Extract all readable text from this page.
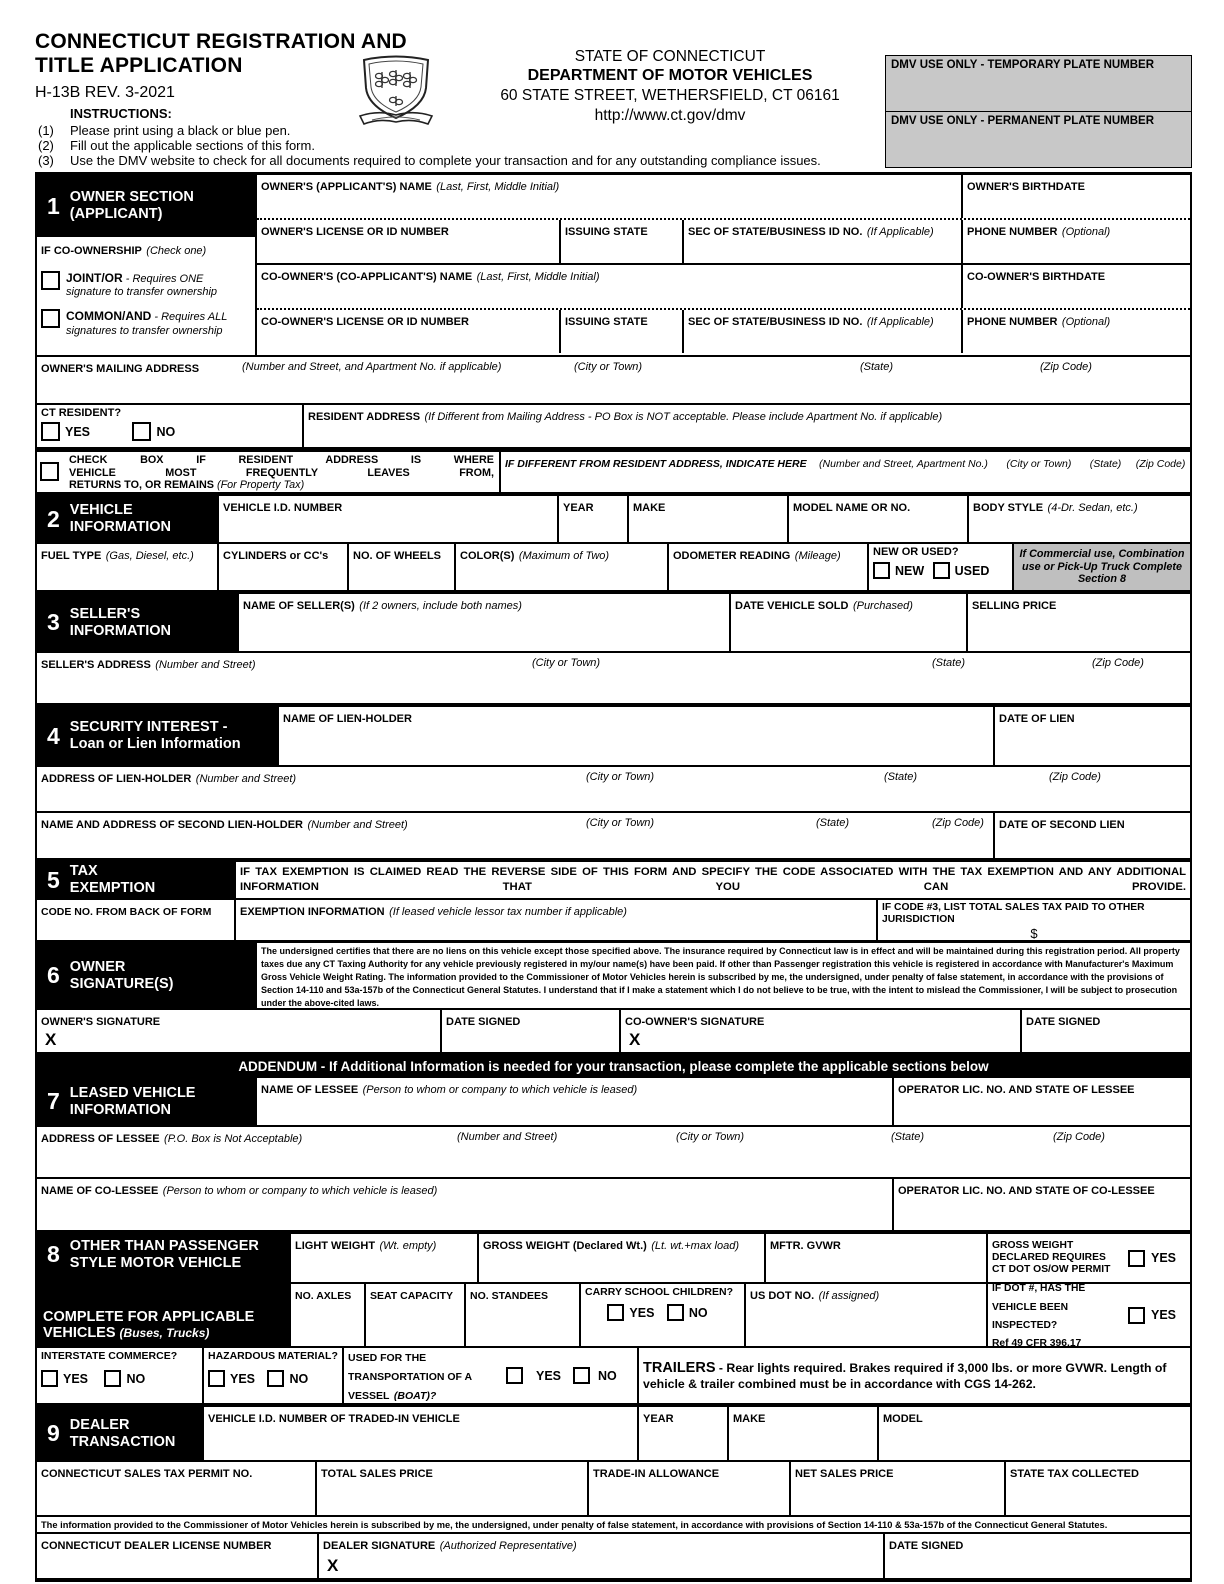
CONNECTICUT REGISTRATION AND
TITLE APPLICATION
H-13B REV. 3-2021
INSTRUCTIONS:
(1) Please print using a black or blue pen.
(2) Fill out the applicable sections of this form.
(3) Use the DMV website to check for all documents required to complete your transaction and for any outstanding compliance issues.
STATE OF CONNECTICUT
DEPARTMENT OF MOTOR VEHICLES
60 STATE STREET, WETHERSFIELD, CT 06161
http://www.ct.gov/dmv
DMV USE ONLY - TEMPORARY PLATE NUMBER
DMV USE ONLY - PERMANENT PLATE NUMBER
1 OWNER SECTION
(APPLICANT)
IF CO-OWNERSHIP (Check one)
JOINT/OR - Requires ONE signature to transfer ownership
COMMON/AND - Requires ALL signatures to transfer ownership
OWNER'S (APPLICANT'S) NAME (Last, First, Middle Initial)	OWNER'S BIRTHDATE
OWNER'S LICENSE OR ID NUMBER	ISSUING STATE	SEC OF STATE/BUSINESS ID NO. (If Applicable)	PHONE NUMBER (Optional)
CO-OWNER'S (CO-APPLICANT'S) NAME (Last, First, Middle Initial)	CO-OWNER'S BIRTHDATE
CO-OWNER'S LICENSE OR ID NUMBER	ISSUING STATE	SEC OF STATE/BUSINESS ID NO. (If Applicable)	PHONE NUMBER (Optional)
OWNER'S MAILING ADDRESS	(Number and Street, and Apartment No. if applicable)	(City or Town)	(State)	(Zip Code)
CT RESIDENT?
YES	NO
RESIDENT ADDRESS (If Different from Mailing Address - PO Box is NOT acceptable. Please include Apartment No. if applicable)
CHECK BOX IF RESIDENT ADDRESS IS WHERE
VEHICLE MOST FREQUENTLY LEAVES FROM,
RETURNS TO, OR REMAINS (For Property Tax)
IF DIFFERENT FROM RESIDENT ADDRESS, INDICATE HERE (Number and Street, Apartment No.) (City or Town) (State) (Zip Code)
2 VEHICLE
INFORMATION
VEHICLE I.D. NUMBER	YEAR	MAKE	MODEL NAME OR NO.	BODY STYLE (4-Dr. Sedan, etc.)
FUEL TYPE (Gas, Diesel, etc.)	CYLINDERS or CC's	NO. OF WHEELS	COLOR(S) (Maximum of Two)	ODOMETER READING (Mileage)	NEW OR USED?
NEW USED
If Commercial use, Combination use or Pick-Up Truck Complete Section 8
3 SELLER'S
INFORMATION
NAME OF SELLER(S) (If 2 owners, include both names)	DATE VEHICLE SOLD (Purchased)	SELLING PRICE
SELLER'S ADDRESS (Number and Street)	(City or Town)	(State)	(Zip Code)
4 SECURITY INTEREST -
Loan or Lien Information
NAME OF LIEN-HOLDER	DATE OF LIEN
ADDRESS OF LIEN-HOLDER (Number and Street)	(City or Town)	(State)	(Zip Code)
NAME AND ADDRESS OF SECOND LIEN-HOLDER (Number and Street)	(City or Town)	(State)	(Zip Code)	DATE OF SECOND LIEN
5 TAX
EXEMPTION
IF TAX EXEMPTION IS CLAIMED READ THE REVERSE SIDE OF THIS FORM AND SPECIFY THE CODE ASSOCIATED WITH THE TAX EXEMPTION AND ANY ADDITIONAL INFORMATION THAT YOU CAN PROVIDE.
CODE NO. FROM BACK OF FORM	EXEMPTION INFORMATION (If leased vehicle lessor tax number if applicable)	IF CODE #3, LIST TOTAL SALES TAX PAID TO OTHER JURISDICTION
$
6 OWNER
SIGNATURE(S)
The undersigned certifies that there are no liens on this vehicle except those specified above. The insurance required by Connecticut law is in effect and will be maintained during this registration period. All property taxes due any CT Taxing Authority for any vehicle previously registered in my/our name(s) have been paid. If other than Passenger registration this vehicle is registered in accordance with Manufacturer's Maximum Gross Vehicle Weight Rating. The information provided to the Commissioner of Motor Vehicles herein is subscribed by me, the undersigned, under penalty of false statement, in accordance with the provisions of Section 14-110 and 53a-157b of the Connecticut General Statutes. I understand that if I make a statement which I do not believe to be true, with the intent to mislead the Commissioner, I will be subject to prosecution under the above-cited laws.
OWNER'S SIGNATURE
X
DATE SIGNED	CO-OWNER'S SIGNATURE
X
DATE SIGNED
ADDENDUM - If Additional Information is needed for your transaction, please complete the applicable sections below
7 LEASED VEHICLE
INFORMATION
NAME OF LESSEE (Person to whom or company to which vehicle is leased)	OPERATOR LIC. NO. AND STATE OF LESSEE
ADDRESS OF LESSEE (P.O. Box is Not Acceptable)	(Number and Street)	(City or Town)	(State)	(Zip Code)
NAME OF CO-LESSEE (Person to whom or company to which vehicle is leased)	OPERATOR LIC. NO. AND STATE OF CO-LESSEE
8 OTHER THAN PASSENGER
STYLE MOTOR VEHICLE
COMPLETE FOR APPLICABLE
VEHICLES (Buses, Trucks)
LIGHT WEIGHT (Wt. empty)	GROSS WEIGHT (Declared Wt.) (Lt. wt.+max load)	MFTR. GVWR	GROSS WEIGHT DECLARED REQUIRES CT DOT OS/OW PERMIT
YES
NO. AXLES	SEAT CAPACITY	NO. STANDEES	CARRY SCHOOL CHILDREN?
YES	NO
US DOT NO. (If assigned)
IF DOT #, HAS THE VEHICLE BEEN INSPECTED?
Ref 49 CFR 396.17
YES
INTERSTATE COMMERCE?
YES	NO
HAZARDOUS MATERIAL?
YES	NO
USED FOR THE TRANSPORTATION OF A VESSEL (BOAT)?
YES	NO TRAILERS - Rear lights required. Brakes required if 3,000 lbs. or more GVWR. Length of vehicle & trailer combined must be in accordance with CGS 14-262.
9 DEALER
TRANSACTION
VEHICLE I.D. NUMBER OF TRADED-IN VEHICLE	YEAR	MAKE	MODEL
CONNECTICUT SALES TAX PERMIT NO.	TOTAL SALES PRICE	TRADE-IN ALLOWANCE	NET SALES PRICE	STATE TAX COLLECTED
The information provided to the Commissioner of Motor Vehicles herein is subscribed by me, the undersigned, under penalty of false statement, in accordance with provisions of Section 14-110 & 53a-157b of the Connecticut General Statutes.
CONNECTICUT DEALER LICENSE NUMBER	DEALER SIGNATURE (Authorized Representative)
X
DATE SIGNED
